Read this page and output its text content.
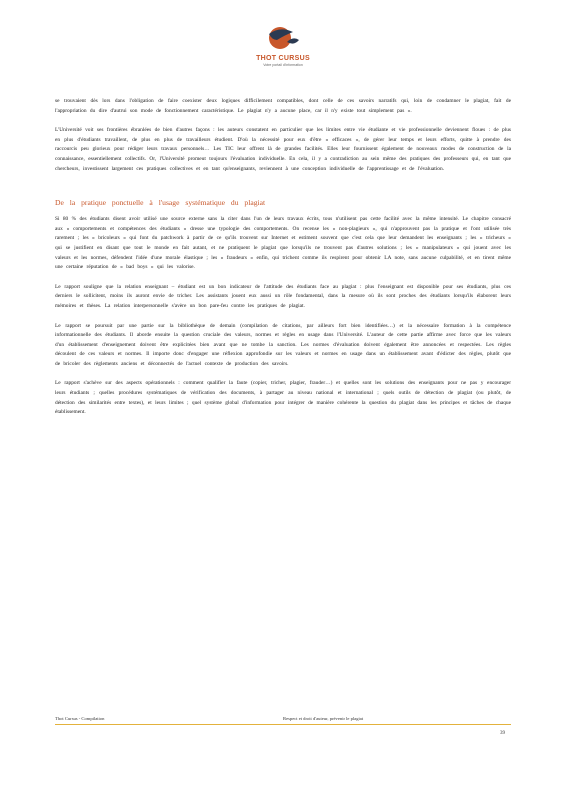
THOT CURSUS
Votre portail d'information

se trouvaient dès lors dans l'obligation de faire coexister deux logiques difficilement compatibles, dont celle de ces savoirs narratifs qui, loin de condamner le plagiat, fait de l'appropriation du dire d'autrui son mode de fonctionnement caractéristique. Le plagiat n'y a aucune place, car il n'y existe tout simplement pas ».

L'Université voit ses frontières ébranlées de bien d'autres façons : les auteurs constatent en particulier que les limites entre vie étudiante et vie professionnelle deviennent floues : de plus en plus d'étudiants travaillent, de plus en plus de travailleurs étudient. D'où la nécessité pour eux d'être « efficaces », de gérer leur temps et leurs efforts, quitte à prendre des raccourcis peu glorieux pour rédiger leurs travaux personnels… Les TIC leur offrent là de grandes facilités. Elles leur fournissent également de nouveaux modes de construction de la connaissance, essentiellement collectifs. Or, l'Université promeut toujours l'évaluation individuelle. En cela, il y a contradiction au sein même des pratiques des professeurs qui, en tant que chercheurs, investissent largement ces pratiques collectives et en tant qu'enseignants, reviennent à une conception individuelle de l'apprentissage et de l'évaluation.

De la pratique ponctuelle à l'usage systématique du plagiat

Si 80 % des étudiants disent avoir utilisé une source externe sans la citer dans l'un de leurs travaux écrits, tous n'utilisent pas cette facilité avec la même intensité. Le chapitre consacré aux « comportements et compétences des étudiants » dresse une typologie des comportements. On recense les « non-plagieurs », qui n'approuvent pas la pratique et l'ont utilisée très rarement ; les « bricoleurs » qui font du patchwork à partir de ce qu'ils trouvent sur Internet et estiment souvent que c'est cela que leur demandent les enseignants ; les « tricheurs » qui se justifient en disant que tout le monde en fait autant, et ne pratiquent le plagiat que lorsqu'ils ne trouvent pas d'autres solutions ; les « manipulateurs » qui jouent avec les valeurs et les normes, défendent l'idée d'une morale élastique ; les « fraudeurs » enfin, qui trichent comme ils respirent pour obtenir LA note, sans aucune culpabilité, et en tirent même une certaine réputation de « bad boys » qui les valorise.

Le rapport souligne que la relation enseignant – étudiant est un bon indicateur de l'attitude des étudiants face au plagiat : plus l'enseignant est disponible pour ses étudiants, plus ces derniers le sollicitent, moins ils auront envie de tricher. Les assistants jouent eux aussi un rôle fondamental, dans la mesure où ils sont proches des étudiants lorsqu'ils élaborent leurs mémoires et thèses. La relation interpersonnelle s'avère un bon pare-feu contre les pratiques de plagiat.

Le rapport se poursuit par une partie sur la bibliothèque de demain (compilation de citations, par ailleurs fort bien identifiées…) et la nécessaire formation à la compétence informationnelle des étudiants. Il aborde ensuite la question cruciale des valeurs, normes et règles en usage dans l'Université. L'auteur de cette partie affirme avec force que les valeurs d'un établissement d'enseignement doivent être explicitées bien avant que ne tombe la sanction. Les normes d'évaluation doivent également être annoncées et respectées. Les règles découlent de ces valeurs et normes. Il importe donc d'engager une réflexion approfondie sur les valeurs et normes en usage dans un établissement avant d'édicter des règles, plutôt que de bricoler des règlements anciens et déconnectés de l'actuel contexte de production des savoirs.

Le rapport s'achève sur des aspects opérationnels : comment qualifier la faute (copier, tricher, plagier, frauder…) et quelles sont les solutions des enseignants pour ne pas y encourager leurs étudiants ; quelles procédures systématiques de vérification des documents, à partager au niveau national et international ; quels outils de détection de plagiat (ou plutôt, de détection des similarités entre textes), et leurs limites ; quel système global d'information pour intégrer de manière cohérente la question du plagiat dans les principes et tâches de chaque établissement.

Thot Cursus - Compilation	Respect et droit d'auteur, prévenir le plagiat
39
